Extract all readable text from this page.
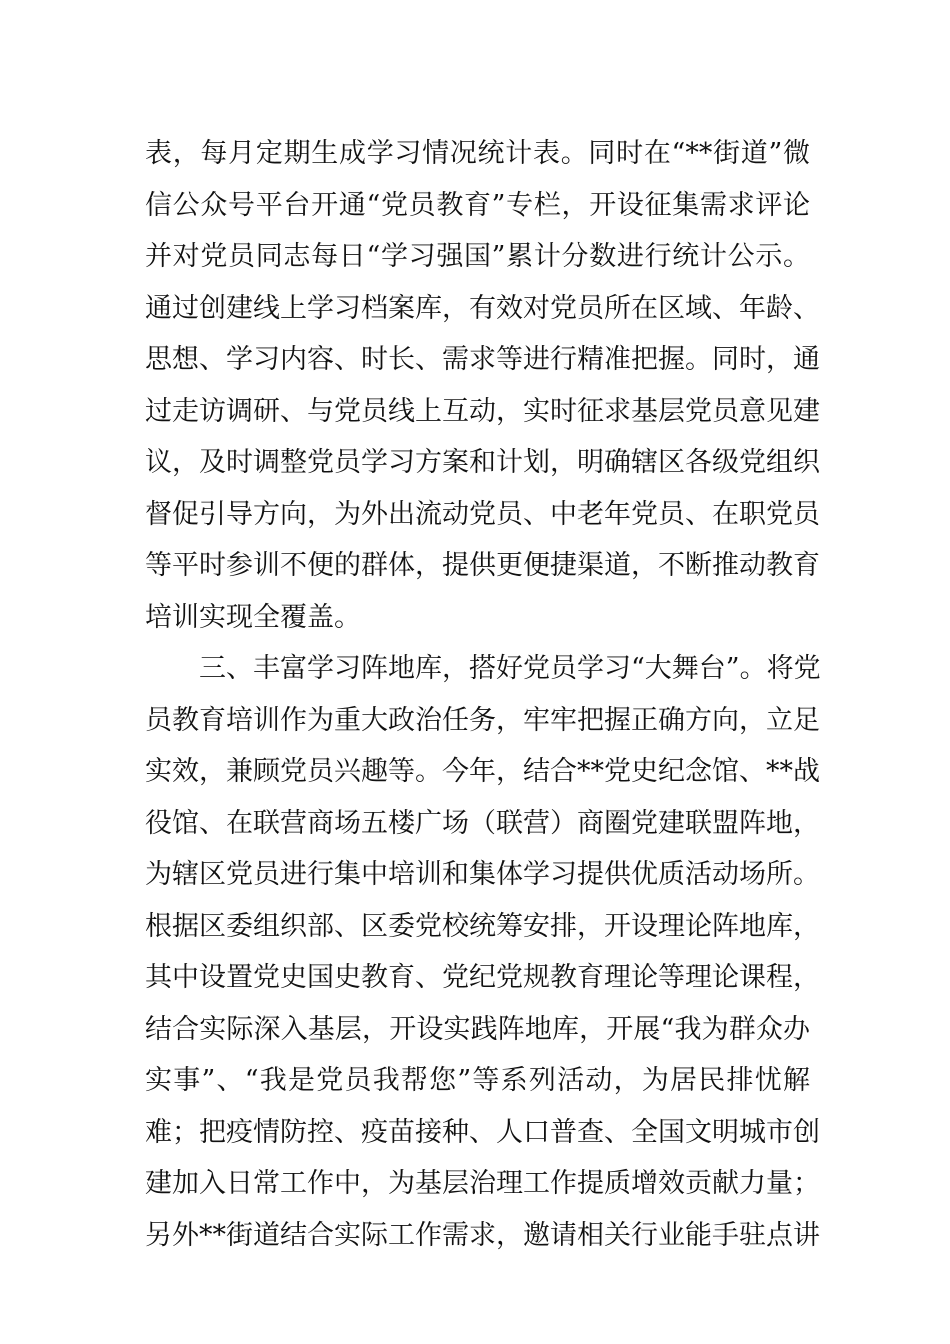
表，每月定期生成学习情况统计表。同时在“**街道”微
信公众号平台开通“党员教育”专栏，开设征集需求评论
并对党员同志每日“学习强国”累计分数进行统计公示。
通过创建线上学习档案库，有效对党员所在区域、年龄、
思想、学习内容、时长、需求等进行精准把握。同时，通
过走访调研、与党员线上互动，实时征求基层党员意见建
议，及时调整党员学习方案和计划，明确辖区各级党组织
督促引导方向，为外出流动党员、中老年党员、在职党员
等平时参训不便的群体，提供更便捷渠道，不断推动教育
培训实现全覆盖。
三、丰富学习阵地库，搭好党员学习“大舞台”。将党
员教育培训作为重大政治任务，牢牢把握正确方向，立足
实效，兼顾党员兴趣等。今年，结合**党史纪念馆、**战
役馆、在联营商场五楼广场（联营）商圈党建联盟阵地，
为辖区党员进行集中培训和集体学习提供优质活动场所。
根据区委组织部、区委党校统筹安排，开设理论阵地库，
其中设置党史国史教育、党纪党规教育理论等理论课程，
结合实际深入基层，开设实践阵地库，开展“我为群众办
实事”、“我是党员我帮您”等系列活动，为居民排忧解
难；把疫情防控、疫苗接种、人口普查、全国文明城市创
建加入日常工作中，为基层治理工作提质增效贡献力量；
另外**街道结合实际工作需求，邀请相关行业能手驻点讲
